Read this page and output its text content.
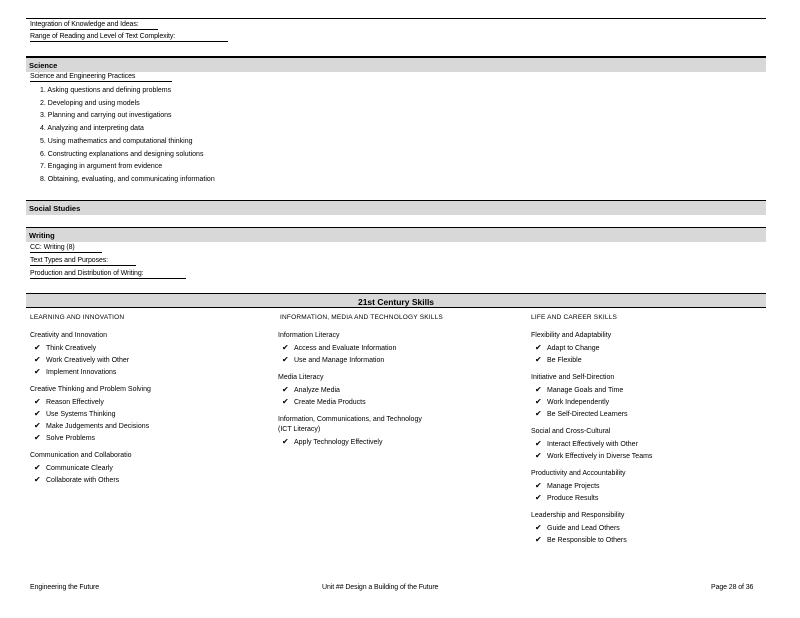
Integration of Knowledge and Ideas:
Range of Reading and Level of Text Complexity:
Science
Science and Engineering Practices
1. Asking questions and defining problems
2. Developing and using models
3. Planning and carrying out investigations
4. Analyzing and interpreting data
5. Using mathematics and computational thinking
6. Constructing explanations and designing solutions
7. Engaging in argument from evidence
8. Obtaining, evaluating, and communicating information
Social Studies
Writing
CC: Writing (8)
Text Types and Purposes:
Production and Distribution of Writing:
21st Century Skills
LEARNING AND INNOVATION	INFORMATION, MEDIA AND TECHNOLOGY SKILLS	LIFE AND CAREER SKILLS
Creativity and Innovation
✔ Think Creatively
✔ Work Creatively with Other
✔ Implement Innovations
Creative Thinking and Problem Solving
✔ Reason Effectively
✔ Use Systems Thinking
✔ Make Judgements and Decisions
✔ Solve Problems
Communication and Collaboratio
✔ Communicate Clearly
✔ Collaborate with Others
Information Literacy
✔ Access and Evaluate Information
✔ Use and Manage Information
Media Literacy
✔ Analyze Media
✔ Create Media Products
Information, Communications, and Technology
(ICT Literacy)
✔ Apply Technology Effectively
Flexibility and Adaptability
✔ Adapt to Change
✔ Be Flexible
Initiative and Self-Direction
✔ Manage Goals and Time
✔ Work Independently
✔ Be Self-Directed Learners
Social and Cross-Cultural
✔ Interact Effectively with Other
✔ Work Effectively in Diverse Teams
Productivity and Accountability
✔ Manage Projects
✔ Produce Results
Leadership and Responsibility
✔ Guide and Lead Others
✔ Be Responsible to Others
Engineering the Future	Unit ## Design a Building of the Future	Page 28 of 36
